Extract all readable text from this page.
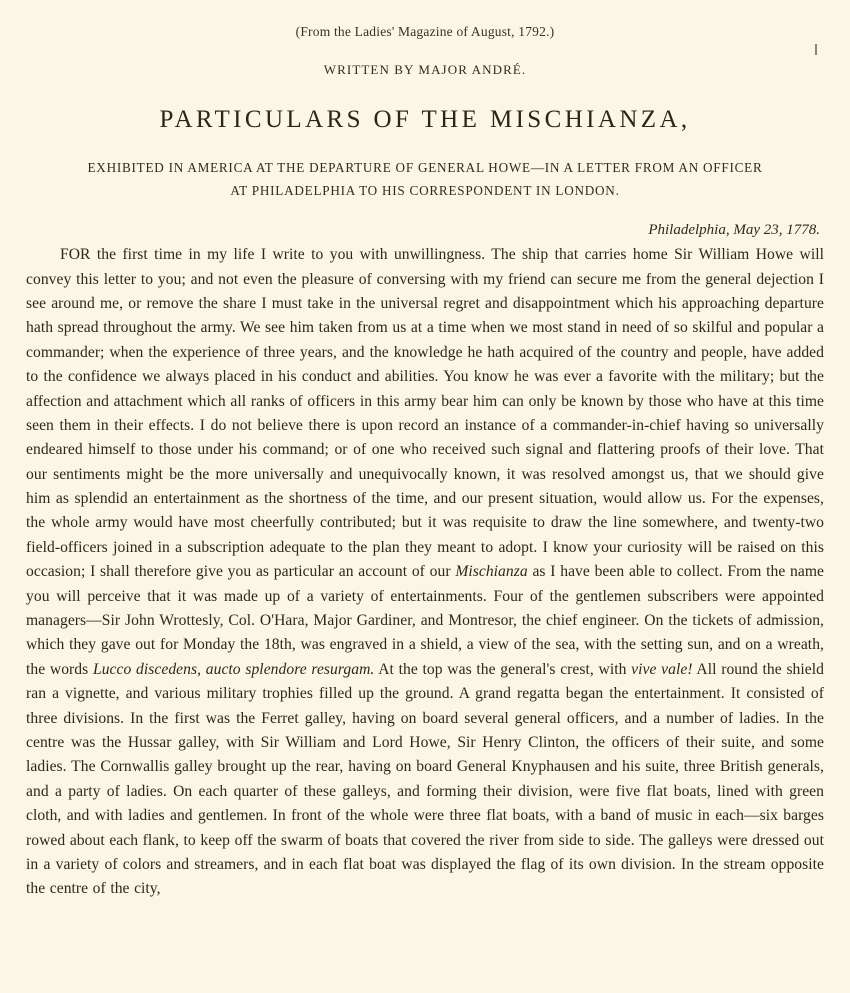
(From the Ladies' Magazine of August, 1792.)
WRITTEN BY MAJOR ANDRÉ.
PARTICULARS OF THE MISCHIANZA,
EXHIBITED IN AMERICA AT THE DEPARTURE OF GENERAL HOWE—IN A LETTER FROM AN OFFICER
AT PHILADELPHIA TO HIS CORRESPONDENT IN LONDON.
Philadelphia, May 23, 1778.
FOR the first time in my life I write to you with unwillingness. The ship that carries home Sir William Howe will convey this letter to you; and not even the pleasure of conversing with my friend can secure me from the general dejection I see around me, or remove the share I must take in the universal regret and disappointment which his approaching departure hath spread throughout the army. We see him taken from us at a time when we most stand in need of so skilful and popular a commander; when the experience of three years, and the knowledge he hath acquired of the country and people, have added to the confidence we always placed in his conduct and abilities. You know he was ever a favorite with the military; but the affection and attachment which all ranks of officers in this army bear him can only be known by those who have at this time seen them in their effects. I do not believe there is upon record an instance of a commander-in-chief having so universally endeared himself to those under his command; or of one who received such signal and flattering proofs of their love. That our sentiments might be the more universally and unequivocally known, it was resolved amongst us, that we should give him as splendid an entertainment as the shortness of the time, and our present situation, would allow us. For the expenses, the whole army would have most cheerfully contributed; but it was requisite to draw the line somewhere, and twenty-two field-officers joined in a subscription adequate to the plan they meant to adopt. I know your curiosity will be raised on this occasion; I shall therefore give you as particular an account of our Mischianza as I have been able to collect. From the name you will perceive that it was made up of a variety of entertainments. Four of the gentlemen subscribers were appointed managers—Sir John Wrottesly, Col. O'Hara, Major Gardiner, and Montresor, the chief engineer. On the tickets of admission, which they gave out for Monday the 18th, was engraved in a shield, a view of the sea, with the setting sun, and on a wreath, the words Lucco discedens, aucto splendore resurgam. At the top was the general's crest, with vive vale! All round the shield ran a vignette, and various military trophies filled up the ground. A grand regatta began the entertainment. It consisted of three divisions. In the first was the Ferret galley, having on board several general officers, and a number of ladies. In the centre was the Hussar galley, with Sir William and Lord Howe, Sir Henry Clinton, the officers of their suite, and some ladies. The Cornwallis galley brought up the rear, having on board General Knyphausen and his suite, three British generals, and a party of ladies. On each quarter of these galleys, and forming their division, were five flat boats, lined with green cloth, and with ladies and gentlemen. In front of the whole were three flat boats, with a band of music in each—six barges rowed about each flank, to keep off the swarm of boats that covered the river from side to side. The galleys were dressed out in a variety of colors and streamers, and in each flat boat was displayed the flag of its own division. In the stream opposite the centre of the city,
